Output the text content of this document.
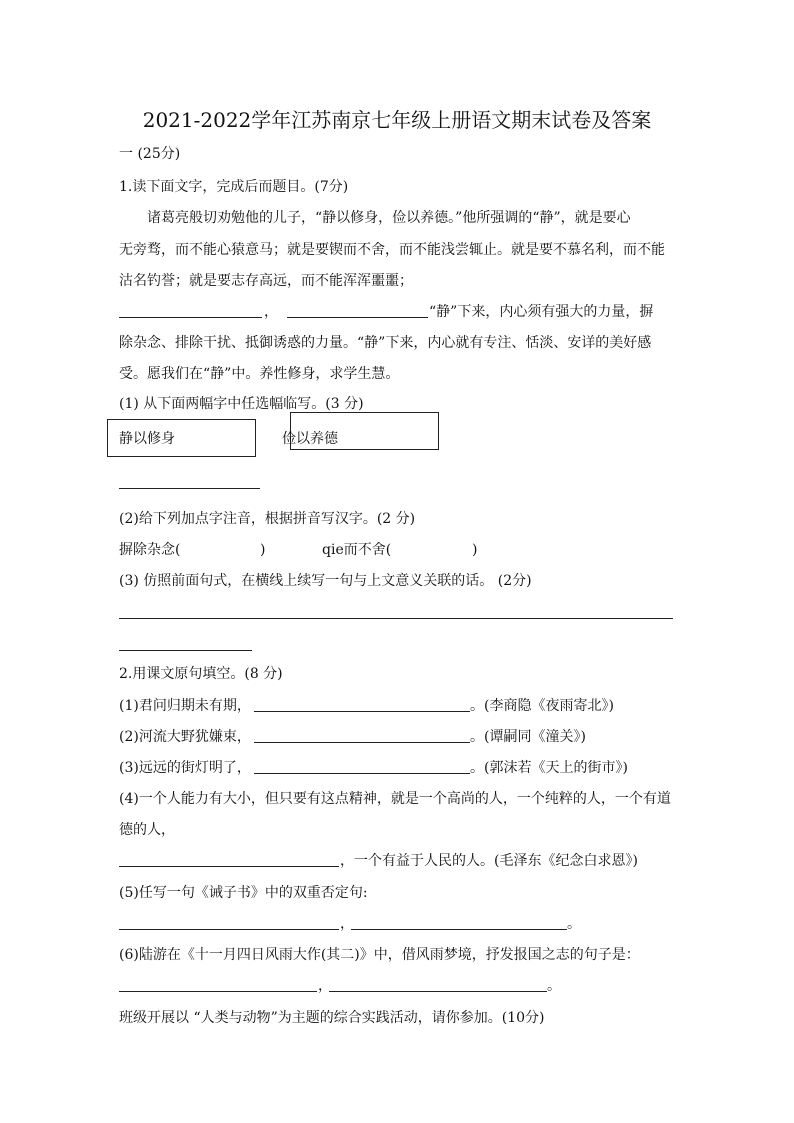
2021-2022学年江苏南京七年级上册语文期末试卷及答案
一 (25分)
1.读下面文字，完成后而题目。(7分)
诸葛亮般切劝勉他的儿子，“静以修身，俭以养德。”他所强调的“静”，就是要心
无旁骛，而不能心猿意马；就是要锲而不舍，而不能浅尝辄止。就是要不慕名利，而不能
沽名钓誉；就是要志存高远，而不能浑浑噩噩；
，	“静”下来，内心须有强大的力量，摒
除杂念、排除干扰、抵御诱惑的力量。“静”下来，内心就有专注、恬淡、安详的美好感
受。愿我们在“静”中。养性修身，求学生慧。
(1) 从下面两幅字中任选幅临写。(3 分)
静以修身	俭以养德
(2)给下列加点字注音，根据拼音写汉字。(2 分)
摒除杂念(	)	qie而不舍(	)
(3) 仿照前面句式，在横线上续写一句与上文意义关联的话。 (2分)
2.用课文原句填空。(8 分)
(1)君问归期未有期，	。(李商隐《夜雨寄北》)
(2)河流大野犹嫌束，	。(谭嗣同《潼关》)
(3)远远的街灯明了，	。(郭沫若《天上的街市》)
(4)一个人能力有大小，但只要有这点精神，就是一个高尚的人，一个纯粹的人，一个有道
德的人，
，一个有益于人民的人。(毛泽东《纪念白求恩》)
(5)任写一句《诫子书》中的双重否定句:
，	。
(6)陆游在《十一月四日风雨大作(其二)》中，借风雨梦境，抒发报国之志的句子是：
，	。
班级开展以 “人类与动物”为主题的综合实践活动，请你参加。(10分)
